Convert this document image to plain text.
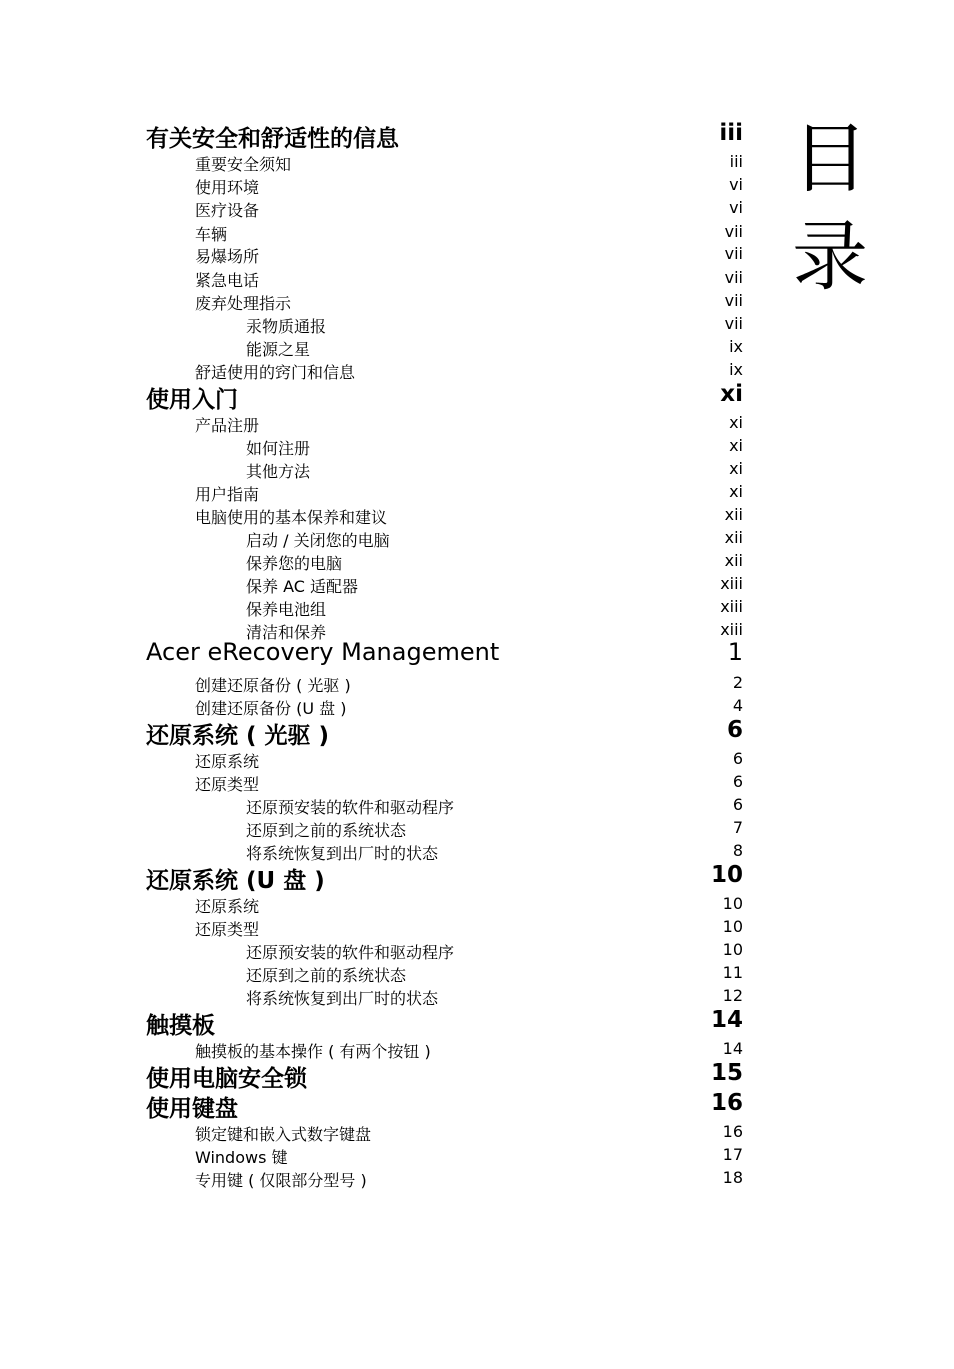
目
录
有关安全和舒适性的信息	iii
重要安全须知	iii
使用环境	vi
医疗设备	vi
车辆	vii
易爆场所	vii
紧急电话	vii
废弃处理指示	vii
汞物质通报	vii
能源之星	ix
舒适使用的窍门和信息	ix
使用入门	xi
产品注册	xi
如何注册	xi
其他方法	xi
用户指南	xi
电脑使用的基本保养和建议	xii
启动 / 关闭您的电脑	xii
保养您的电脑	xii
保养 AC 适配器	xiii
保养电池组	xiii
清洁和保养	xiii
Acer eRecovery Management	1
创建还原备份 ( 光驱 )	2
创建还原备份 (U 盘 )	4
还原系统 ( 光驱 )	6
还原系统	6
还原类型	6
还原预安装的软件和驱动程序	6
还原到之前的系统状态	7
将系统恢复到出厂时的状态	8
还原系统 (U 盘 )	10
还原系统	10
还原类型	10
还原预安装的软件和驱动程序	10
还原到之前的系统状态	11
将系统恢复到出厂时的状态	12
触摸板	14
触摸板的基本操作 ( 有两个按钮 )	14
使用电脑安全锁	15
使用键盘	16
锁定键和嵌入式数字键盘	16
Windows 键	17
专用键 ( 仅限部分型号 )	18
